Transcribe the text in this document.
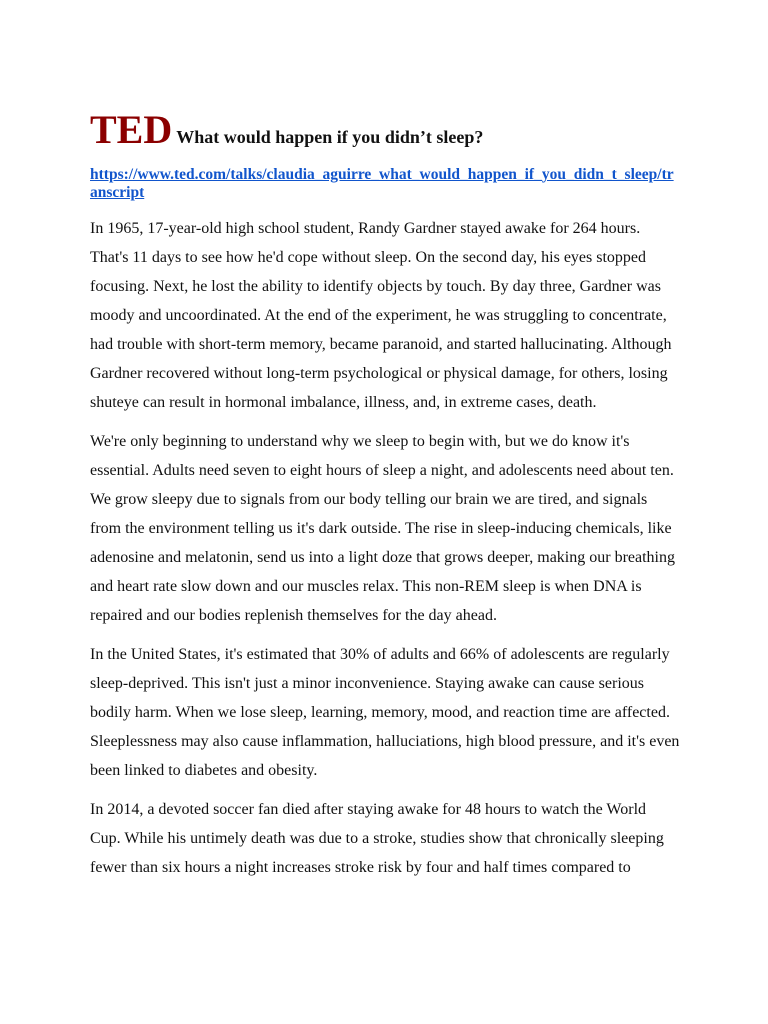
TED What would happen if you didn’t sleep?
https://www.ted.com/talks/claudia_aguirre_what_would_happen_if_you_didn_t_sleep/transcript

In 1965, 17-year-old high school student, Randy Gardner stayed awake for 264 hours. That's 11 days to see how he'd cope without sleep. On the second day, his eyes stopped focusing. Next, he lost the ability to identify objects by touch. By day three, Gardner was moody and uncoordinated. At the end of the experiment, he was struggling to concentrate, had trouble with short-term memory, became paranoid, and started hallucinating. Although Gardner recovered without long-term psychological or physical damage, for others, losing shuteye can result in hormonal imbalance, illness, and, in extreme cases, death.

We're only beginning to understand why we sleep to begin with, but we do know it's essential. Adults need seven to eight hours of sleep a night, and adolescents need about ten. We grow sleepy due to signals from our body telling our brain we are tired, and signals from the environment telling us it's dark outside. The rise in sleep-inducing chemicals, like adenosine and melatonin, send us into a light doze that grows deeper, making our breathing and heart rate slow down and our muscles relax. This non-REM sleep is when DNA is repaired and our bodies replenish themselves for the day ahead.

In the United States, it's estimated that 30% of adults and 66% of adolescents are regularly sleep-deprived. This isn't just a minor inconvenience. Staying awake can cause serious bodily harm. When we lose sleep, learning, memory, mood, and reaction time are affected. Sleeplessness may also cause inflammation, halluciations, high blood pressure, and it's even been linked to diabetes and obesity.

In 2014, a devoted soccer fan died after staying awake for 48 hours to watch the World Cup. While his untimely death was due to a stroke, studies show that chronically sleeping fewer than six hours a night increases stroke risk by four and half times compared to
